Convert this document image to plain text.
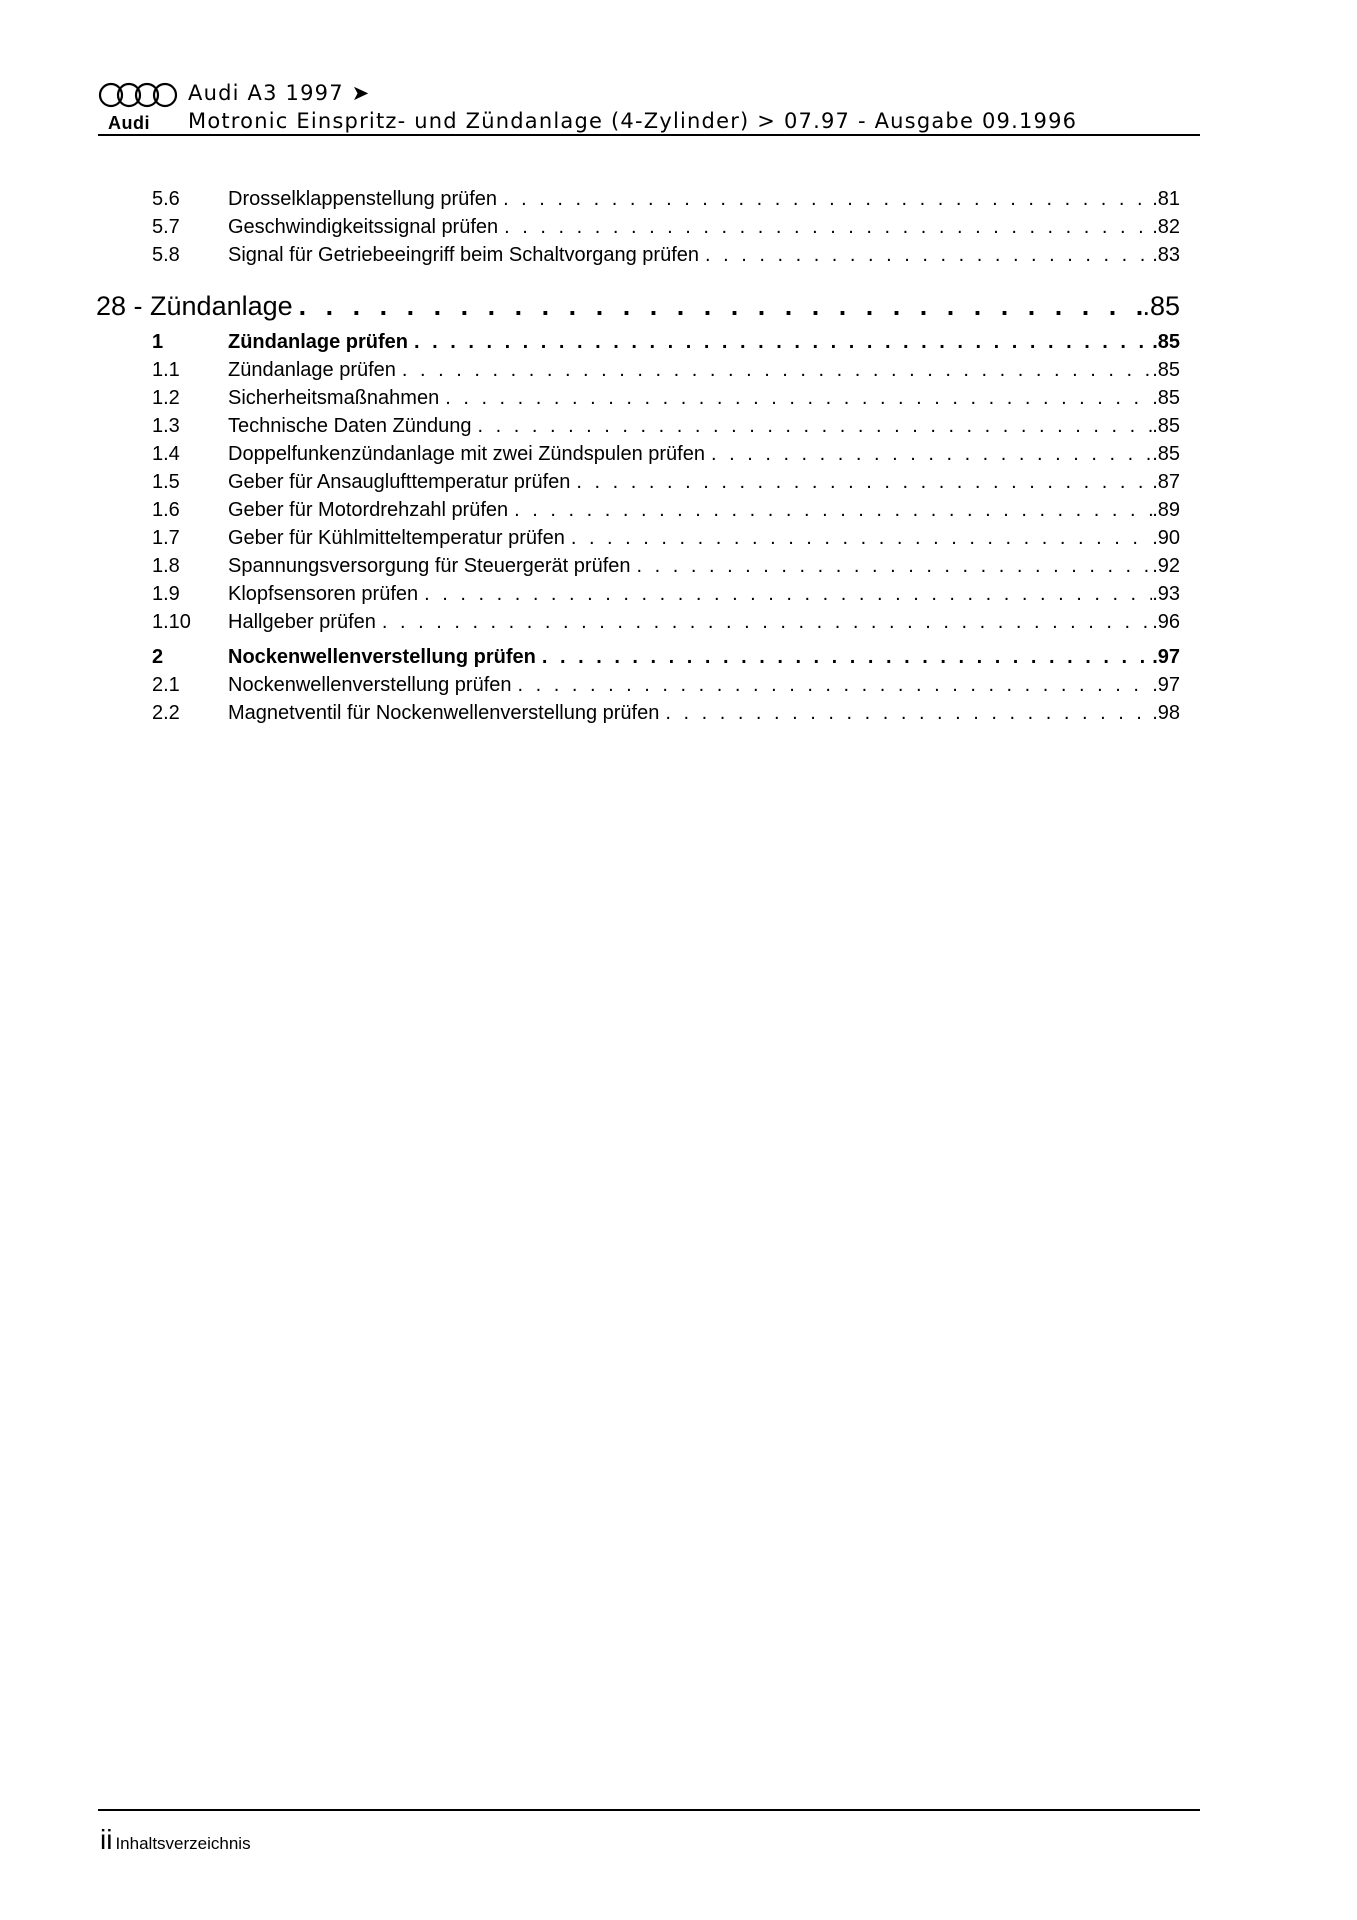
Audi
Audi A3 1997 ➤
Motronic Einspritz- und Zündanlage (4-Zylinder) > 07.97 - Ausgabe 09.1996
5.6	Drosselklappenstellung prüfen . . .	.81
5.7	Geschwindigkeitssignal prüfen . . .	.82
5.8	Signal für Getriebeeingriff beim Schaltvorgang prüfen . . .	.83
28 - Zündanlage . . .	.85
1	Zündanlage prüfen . . .	.85
1.1	Zündanlage prüfen . . .	.85
1.2	Sicherheitsmaßnahmen . . .	.85
1.3	Technische Daten Zündung . . .	.85
1.4	Doppelfunkenzündanlage mit zwei Zündspulen prüfen . . .	.85
1.5	Geber für Ansauglufttemperatur prüfen . . .	.87
1.6	Geber für Motordrehzahl prüfen . . .	.89
1.7	Geber für Kühlmitteltemperatur prüfen . . .	.90
1.8	Spannungsversorgung für Steuergerät prüfen . . .	.92
1.9	Klopfsensoren prüfen . . .	.93
1.10	Hallgeber prüfen . . .	.96
2	Nockenwellenverstellung prüfen . . .	.97
2.1	Nockenwellenverstellung prüfen . . .	.97
2.2	Magnetventil für Nockenwellenverstellung prüfen . . .	.98
ii Inhaltsverzeichnis
